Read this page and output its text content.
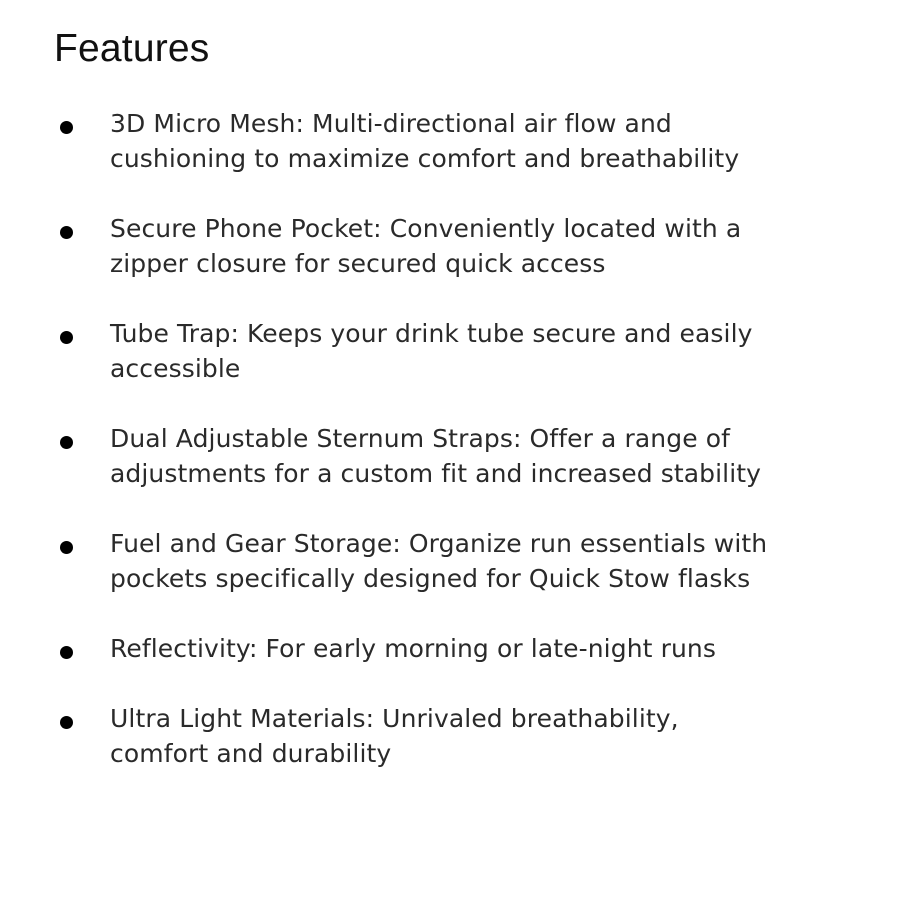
Features
3D Micro Mesh: Multi-directional air flow and
cushioning to maximize comfort and breathability
Secure Phone Pocket: Conveniently located with a
zipper closure for secured quick access
Tube Trap: Keeps your drink tube secure and easily
accessible
Dual Adjustable Sternum Straps: Offer a range of
adjustments for a custom fit and increased stability
Fuel and Gear Storage: Organize run essentials with
pockets specifically designed for Quick Stow flasks
Reflectivity: For early morning or late-night runs
Ultra Light Materials: Unrivaled breathability,
comfort and durability
